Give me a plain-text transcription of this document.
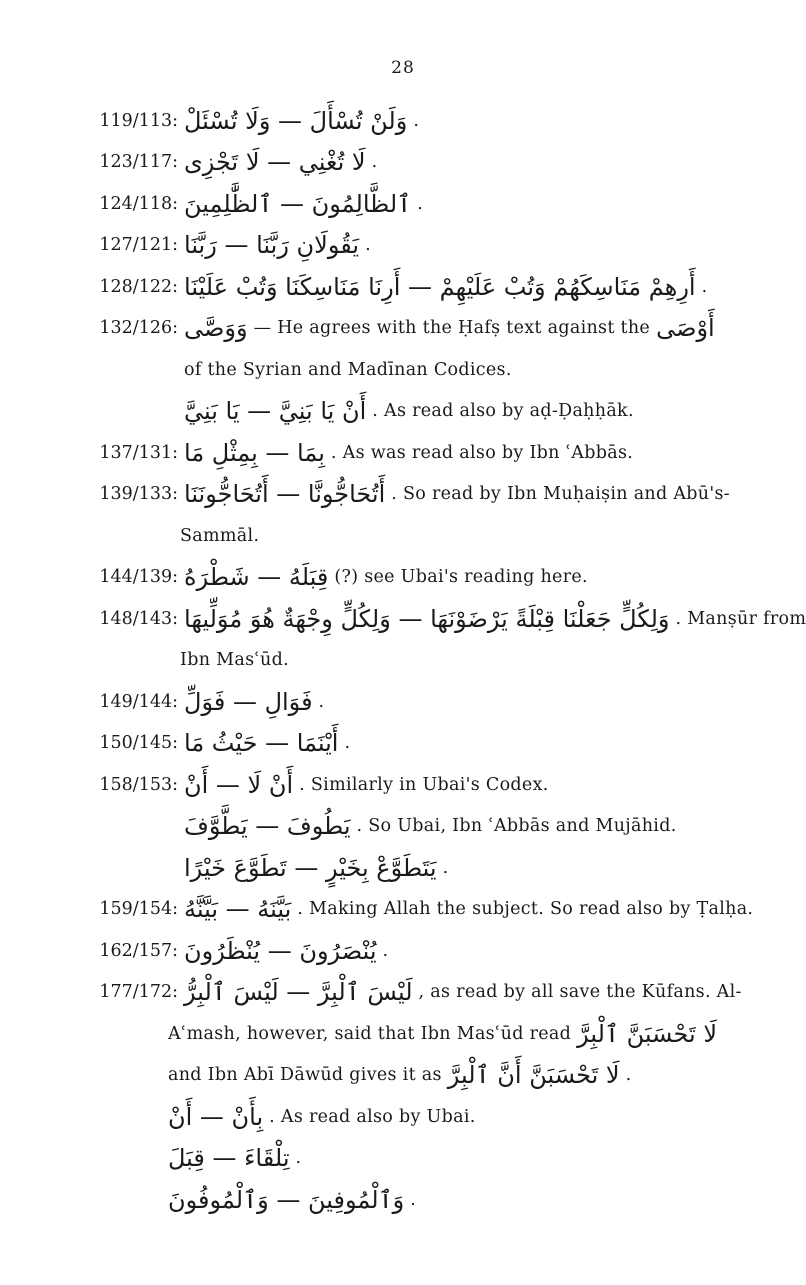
28
119/113: وَلَنْ تُسْأَلَ — وَلَا تُسْئَلْ .
123/117: لَا تُغْنِي — لَا تَجْزِى .
124/118: ٱلظَّالِمُونَ — ٱلظَّٰلِمِينَ .
127/121: يَقُولَانِ رَبَّنَا — رَبَّنَا .
128/122: أَرِهِمْ مَنَاسِكَهُمْ وَتُبْ عَلَيْهِمْ — أَرِنَا مَنَاسِكَنَا وَتُبْ عَلَيْنَا .
132/126: وَوَصَّى — He agrees with the Ḥafṣ text against the أَوْصَى
of the Syrian and Madīnan Codices.
أَنْ يَا بَنِيَّ — يَا بَنِيَّ . As read also by aḍ-Ḍaḥḥāk.
137/131: بِمَا — بِمِثْلِ مَا . As was read also by Ibn ʿAbbās.
139/133: أَتُحَاجُّونَّا — أَتُحَاجُّونَنَا . So read by Ibn Muḥaiṣin and Abū's-
Sammāl.
144/139: قِبَلَهُ — شَطْرَهُ (?) see Ubai's reading here.
148/143: وَلِكُلٍّ جَعَلْنَا قِبْلَةً يَرْضَوْنَهَا — وَلِكُلٍّ وِجْهَةٌ هُوَ مُوَلِّيهَا . Manṣūr from
Ibn Masʿūd.
149/144: فَوَالِ — فَوَلِّ .
150/145: أَيْنَمَا — حَيْثُ مَا .
158/153: أَنْ لَا — أَنْ . Similarly in Ubai's Codex.
يَطُوفَ — يَطَّوَّفَ . So Ubai, Ibn ʿAbbās and Mujāhid.
يَتَطَوَّعْ بِخَيْرٍ — تَطَوَّعَ خَيْرًا .
159/154: بَيَّنَهُ — بَيَّنَّهُ . Making Allah the subject. So read also by Ṭalḥa.
162/157: يُنْصَرُونَ — يُنْظَرُونَ .
177/172: لَيْسَ ٱلْبِرَّ — لَيْسَ ٱلْبِرُّ , as read by all save the Kūfans. Al-
Aʿmash, however, said that Ibn Masʿūd read لَا تَحْسَبَنَّ ٱلْبِرَّ
and Ibn Abī Dāwūd gives it as لَا تَحْسَبَنَّ أَنَّ ٱلْبِرَّ .
بِأَنْ — أَنْ . As read also by Ubai.
تِلْقَاءَ — قِبَلَ .
وَٱلْمُوفِينَ — وَٱلْمُوفُونَ .
